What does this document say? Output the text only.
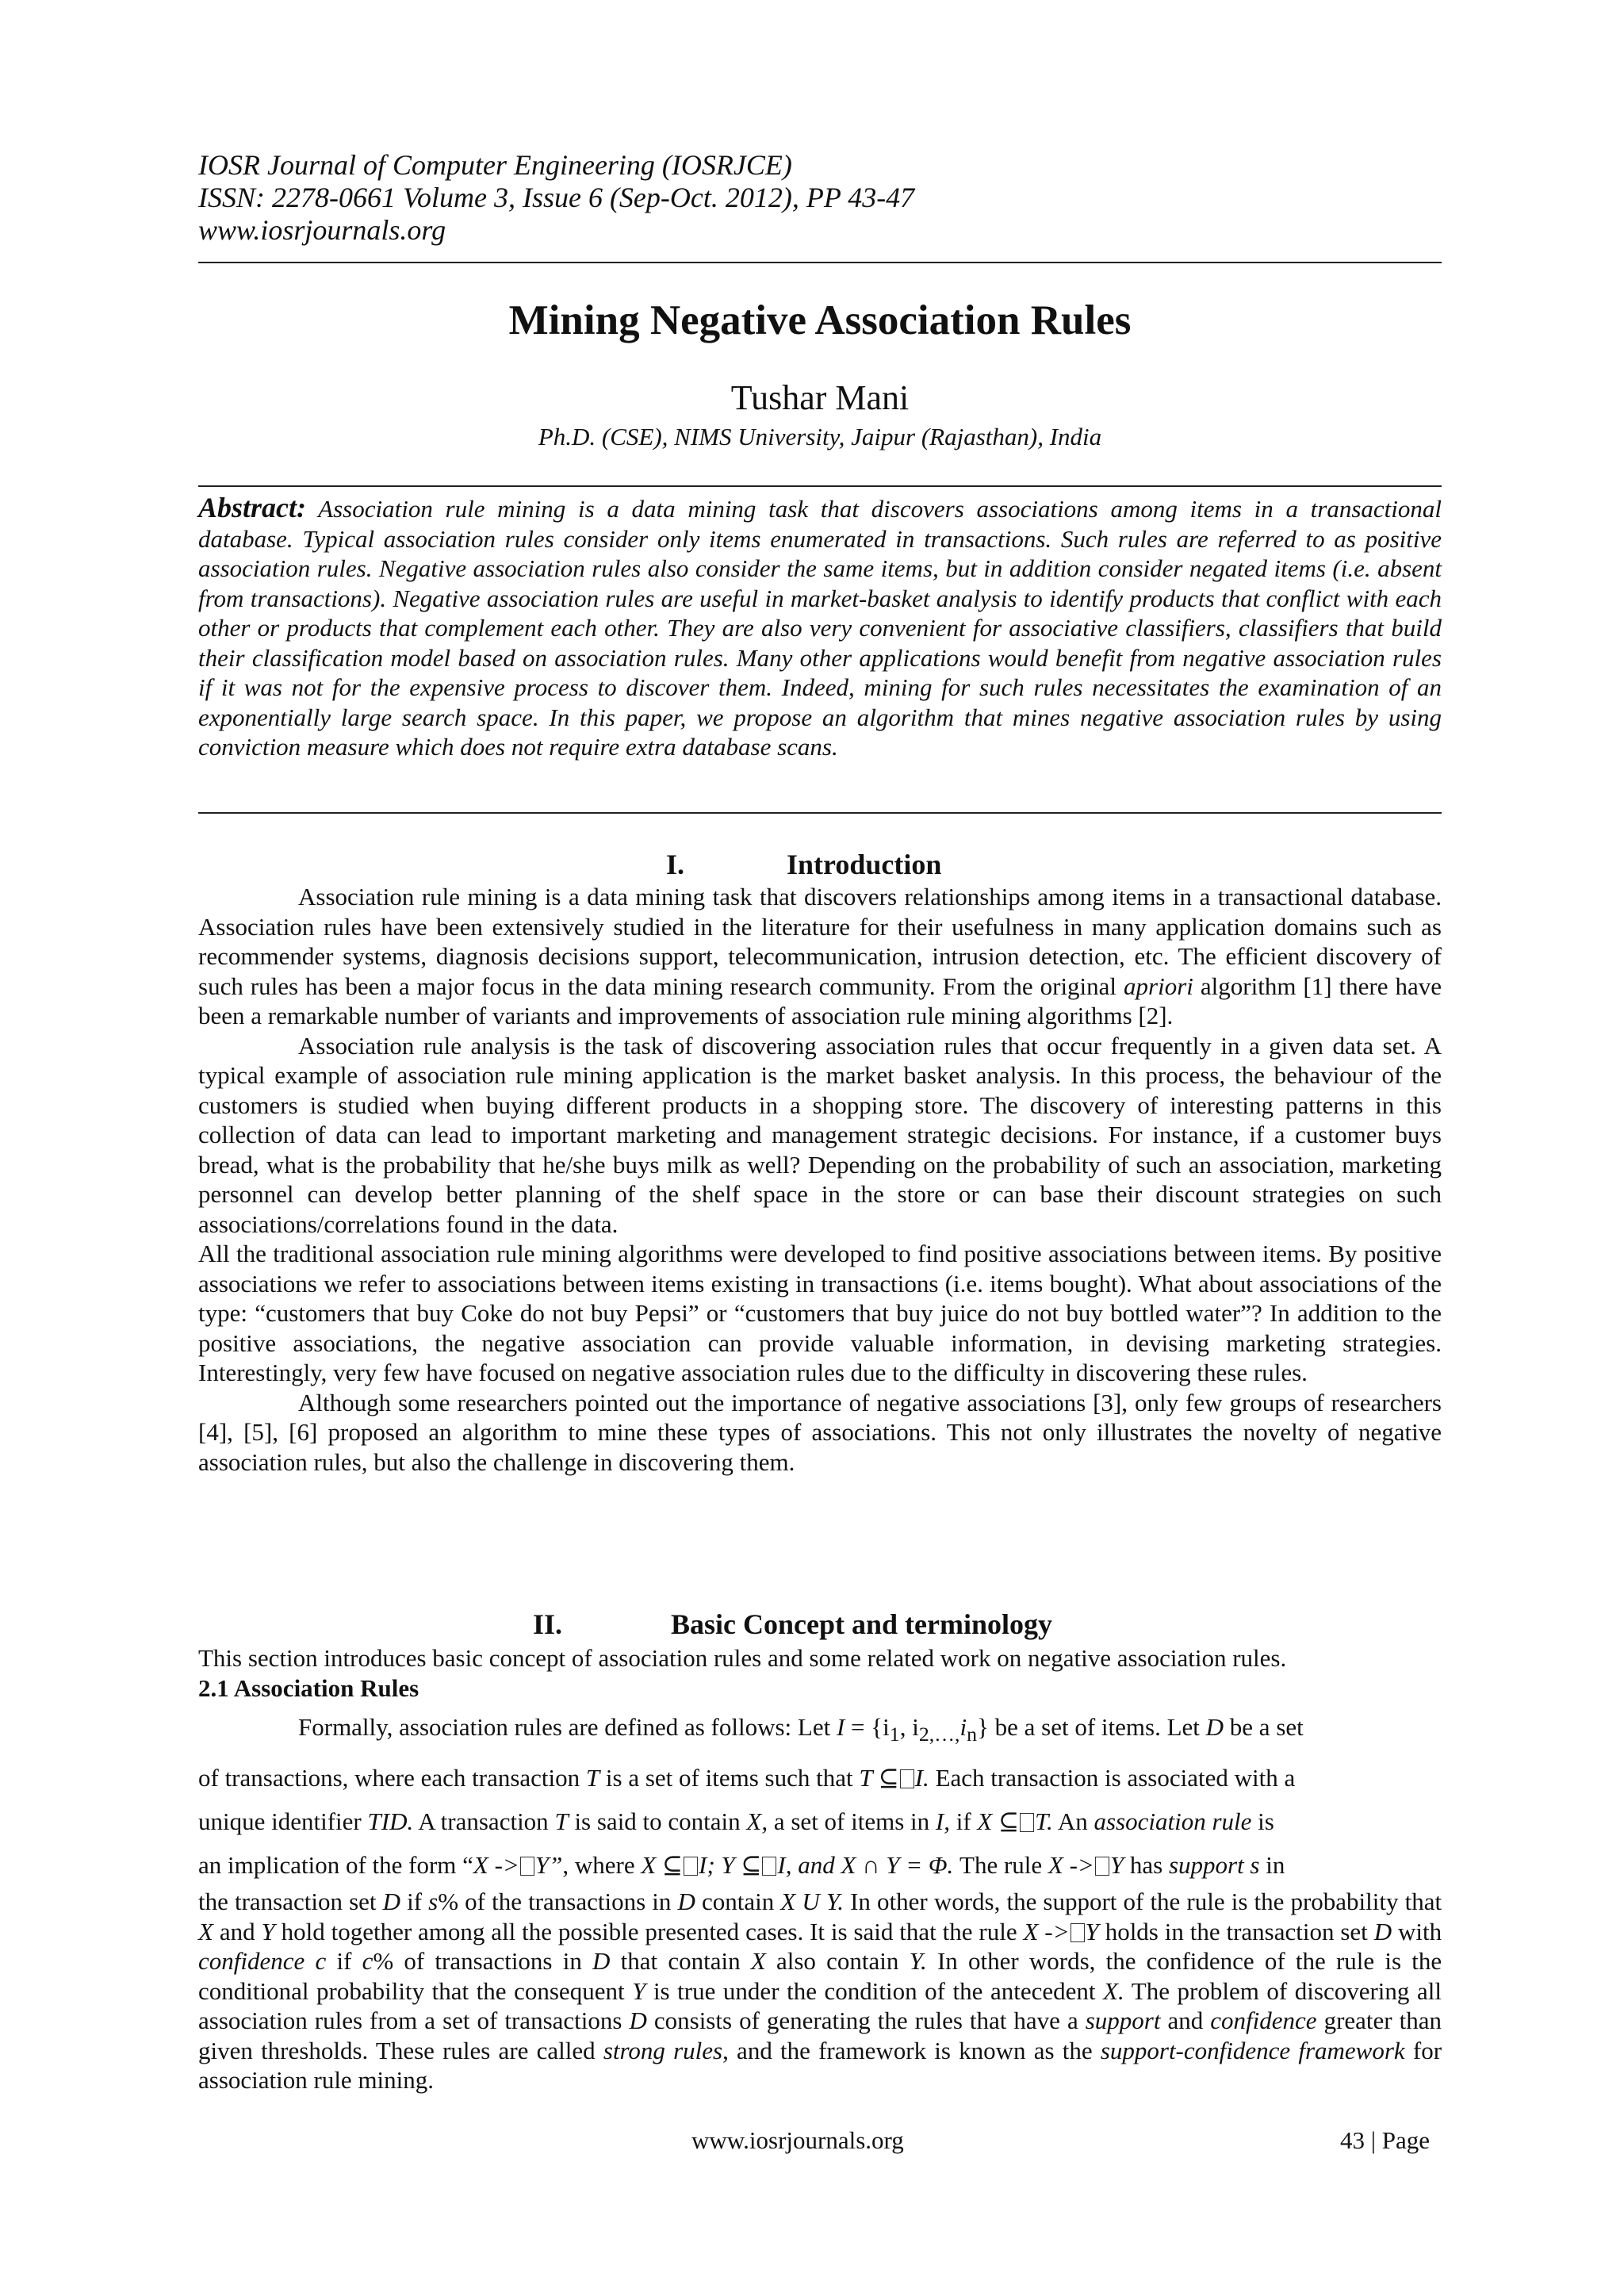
IOSR Journal of Computer Engineering (IOSRJCE)
ISSN: 2278-0661 Volume 3, Issue 6 (Sep-Oct. 2012), PP 43-47
www.iosrjournals.org
Mining Negative Association Rules
Tushar Mani
Ph.D. (CSE), NIMS University, Jaipur (Rajasthan), India
Abstract: Association rule mining is a data mining task that discovers associations among items in a transactional database. Typical association rules consider only items enumerated in transactions. Such rules are referred to as positive association rules. Negative association rules also consider the same items, but in addition consider negated items (i.e. absent from transactions). Negative association rules are useful in market-basket analysis to identify products that conflict with each other or products that complement each other. They are also very convenient for associative classifiers, classifiers that build their classification model based on association rules. Many other applications would benefit from negative association rules if it was not for the expensive process to discover them. Indeed, mining for such rules necessitates the examination of an exponentially large search space. In this paper, we propose an algorithm that mines negative association rules by using conviction measure which does not require extra database scans.
I.	Introduction

Association rule mining is a data mining task that discovers relationships among items in a transactional database. Association rules have been extensively studied in the literature for their usefulness in many application domains such as recommender systems, diagnosis decisions support, telecommunication, intrusion detection, etc. The efficient discovery of such rules has been a major focus in the data mining research community. From the original apriori algorithm [1] there have been a remarkable number of variants and improvements of association rule mining algorithms [2].

Association rule analysis is the task of discovering association rules that occur frequently in a given data set. A typical example of association rule mining application is the market basket analysis. In this process, the behaviour of the customers is studied when buying different products in a shopping store. The discovery of interesting patterns in this collection of data can lead to important marketing and management strategic decisions. For instance, if a customer buys bread, what is the probability that he/she buys milk as well? Depending on the probability of such an association, marketing personnel can develop better planning of the shelf space in the store or can base their discount strategies on such associations/correlations found in the data.

All the traditional association rule mining algorithms were developed to find positive associations between items. By positive associations we refer to associations between items existing in transactions (i.e. items bought). What about associations of the type: “customers that buy Coke do not buy Pepsi” or “customers that buy juice do not buy bottled water”? In addition to the positive associations, the negative association can provide valuable information, in devising marketing strategies. Interestingly, very few have focused on negative association rules due to the difficulty in discovering these rules.

Although some researchers pointed out the importance of negative associations [3], only few groups of researchers [4], [5], [6] proposed an algorithm to mine these types of associations. This not only illustrates the novelty of negative association rules, but also the challenge in discovering them.

II.	Basic Concept and terminology
This section introduces basic concept of association rules and some related work on negative association rules.
2.1 Association Rules
Formally, association rules are defined as follows: Let $I = \{i_1$, $i_{2,\dots,}i_n$} be a set of items. Let D be a set
of transactions, where each transaction T is a set of items such that T ⊆ I. Each transaction is associated with a
unique identifier TID. A transaction T is said to contain X, a set of items in I, if X ⊆ T. An association rule is
an implication of the form “X -> Y”, where X ⊆ I; Y ⊆ I, and X ∩ Y = Φ. The rule X -> Y has support s in
the transaction set D if s% of the transactions in D contain X U Y. In other words, the support of the rule is the probability that X and Y hold together among all the possible presented cases. It is said that the rule X -> Y holds in the transaction set D with confidence c if c% of transactions in D that contain X also contain Y. In other words, the confidence of the rule is the conditional probability that the consequent Y is true under the condition of the antecedent X. The problem of discovering all association rules from a set of transactions D consists of generating the rules that have a support and confidence greater than given thresholds. These rules are called strong rules, and the framework is known as the support-confidence framework for association rule mining.
www.iosrjournals.org	43 | Page
